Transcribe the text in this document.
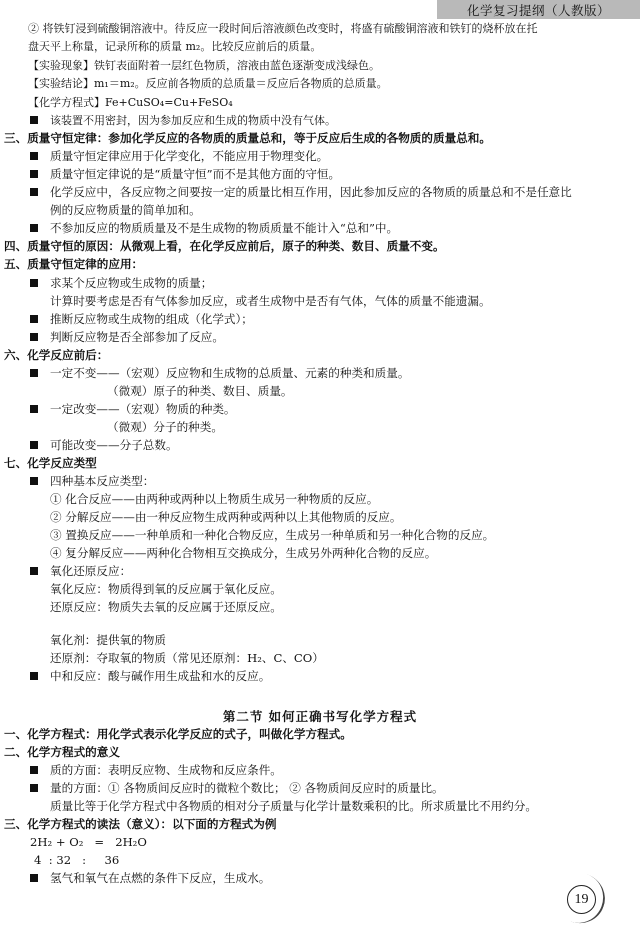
化学复习提纲（人教版）
② 将铁钉浸到硫酸铜溶液中。待反应一段时间后溶液颜色改变时，将盛有硫酸铜溶液和铁钉的烧杯放在托
盘天平上称量，记录所称的质量 m₂。比较反应前后的质量。
【实验现象】铁钉表面附着一层红色物质，溶液由蓝色逐渐变成浅绿色。
【实验结论】m₁＝m₂。反应前各物质的总质量＝反应后各物质的总质量。
【化学方程式】Fe+CuSO₄=Cu+FeSO₄
该装置不用密封，因为参加反应和生成的物质中没有气体。
三、质量守恒定律：参加化学反应的各物质的质量总和，等于反应后生成的各物质的质量总和。
质量守恒定律应用于化学变化，不能应用于物理变化。
质量守恒定律说的是“质量守恒”而不是其他方面的守恒。
化学反应中，各反应物之间要按一定的质量比相互作用，因此参加反应的各物质的质量总和不是任意比
例的反应物质量的简单加和。
不参加反应的物质质量及不是生成物的物质质量不能计入“总和”中。
四、质量守恒的原因：从微观上看，在化学反应前后，原子的种类、数目、质量不变。
五、质量守恒定律的应用：
求某个反应物或生成物的质量；
计算时要考虑是否有气体参加反应，或者生成物中是否有气体，气体的质量不能遗漏。
推断反应物或生成物的组成（化学式）；
判断反应物是否全部参加了反应。
六、化学反应前后：
一定不变——（宏观）反应物和生成物的总质量、元素的种类和质量。
（微观）原子的种类、数目、质量。
一定改变——（宏观）物质的种类。
（微观）分子的种类。
可能改变——分子总数。
七、化学反应类型
四种基本反应类型：
① 化合反应——由两种或两种以上物质生成另一种物质的反应。
② 分解反应——由一种反应物生成两种或两种以上其他物质的反应。
③ 置换反应——一种单质和一种化合物反应，生成另一种单质和另一种化合物的反应。
④ 复分解反应——两种化合物相互交换成分，生成另外两种化合物的反应。
氧化还原反应：
氧化反应：物质得到氧的反应属于氧化反应。
还原反应：物质失去氧的反应属于还原反应。
氧化剂：提供氧的物质
还原剂：夺取氧的物质（常见还原剂：H₂、C、CO）
中和反应：酸与碱作用生成盐和水的反应。
第二节 如何正确书写化学方程式
一、化学方程式：用化学式表示化学反应的式子，叫做化学方程式。
二、化学方程式的意义
质的方面：表明反应物、生成物和反应条件。
量的方面：① 各物质间反应时的微粒个数比； ② 各物质间反应时的质量比。
质量比等于化学方程式中各物质的相对分子质量与化学计量数乘积的比。所求质量比不用约分。
三、化学方程式的读法（意义）：以下面的方程式为例
2H₂ + O₂   =   2H₂O
4  : 32   :     36
氢气和氧气在点燃的条件下反应，生成水。
19
